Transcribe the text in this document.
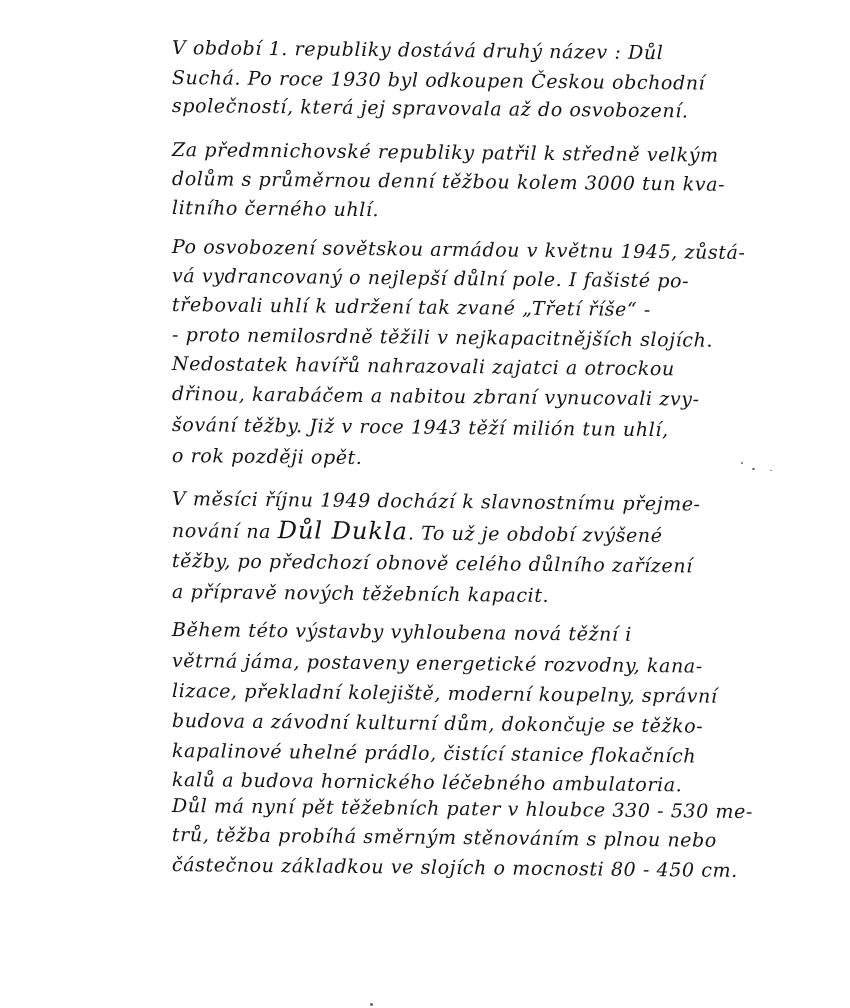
V období 1. republiky dostává druhý název : Důl
Suchá. Po roce 1930 byl odkoupen Českou obchodní
společností, která jej spravovala až do osvobození.
Za předmnichovské republiky patřil k středně velkým
dolům s průměrnou denní těžbou kolem 3000 tun kva-
litního černého uhlí.
Po osvobození sovětskou armádou v květnu 1945, zůstá-
vá vydrancovaný o nejlepší důlní pole. I fašisté po-
třebovali uhlí k udržení tak zvané „Třetí říše“ -
- proto nemilosrdně těžili v nejkapacitnějších slojích.
Nedostatek havířů nahrazovali zajatci a otrockou
dřinou, karabáčem a nabitou zbraní vynucovali zvy-
šování těžby. Již v roce 1943 těží milión tun uhlí,
o rok později opět.
V měsíci říjnu 1949 dochází k slavnostnímu přejme-
nování na Důl Dukla. To už je období zvýšené
těžby, po předchozí obnově celého důlního zařízení
a přípravě nových těžebních kapacit.
Během této výstavby vyhloubena nová těžní i
větrná jáma, postaveny energetické rozvodny, kana-
lizace, překladní kolejiště, moderní koupelny, správní
budova a závodní kulturní dům, dokončuje se těžko-
kapalinové uhelné prádlo, čistící stanice flokačních
kalů a budova hornického léčebného ambulatoria.
Důl má nyní pět těžebních pater v hloubce 330 - 530 me-
trů, těžba probíhá směrným stěnováním s plnou nebo
částečnou základkou ve slojích o mocnosti 80 - 450 cm.
